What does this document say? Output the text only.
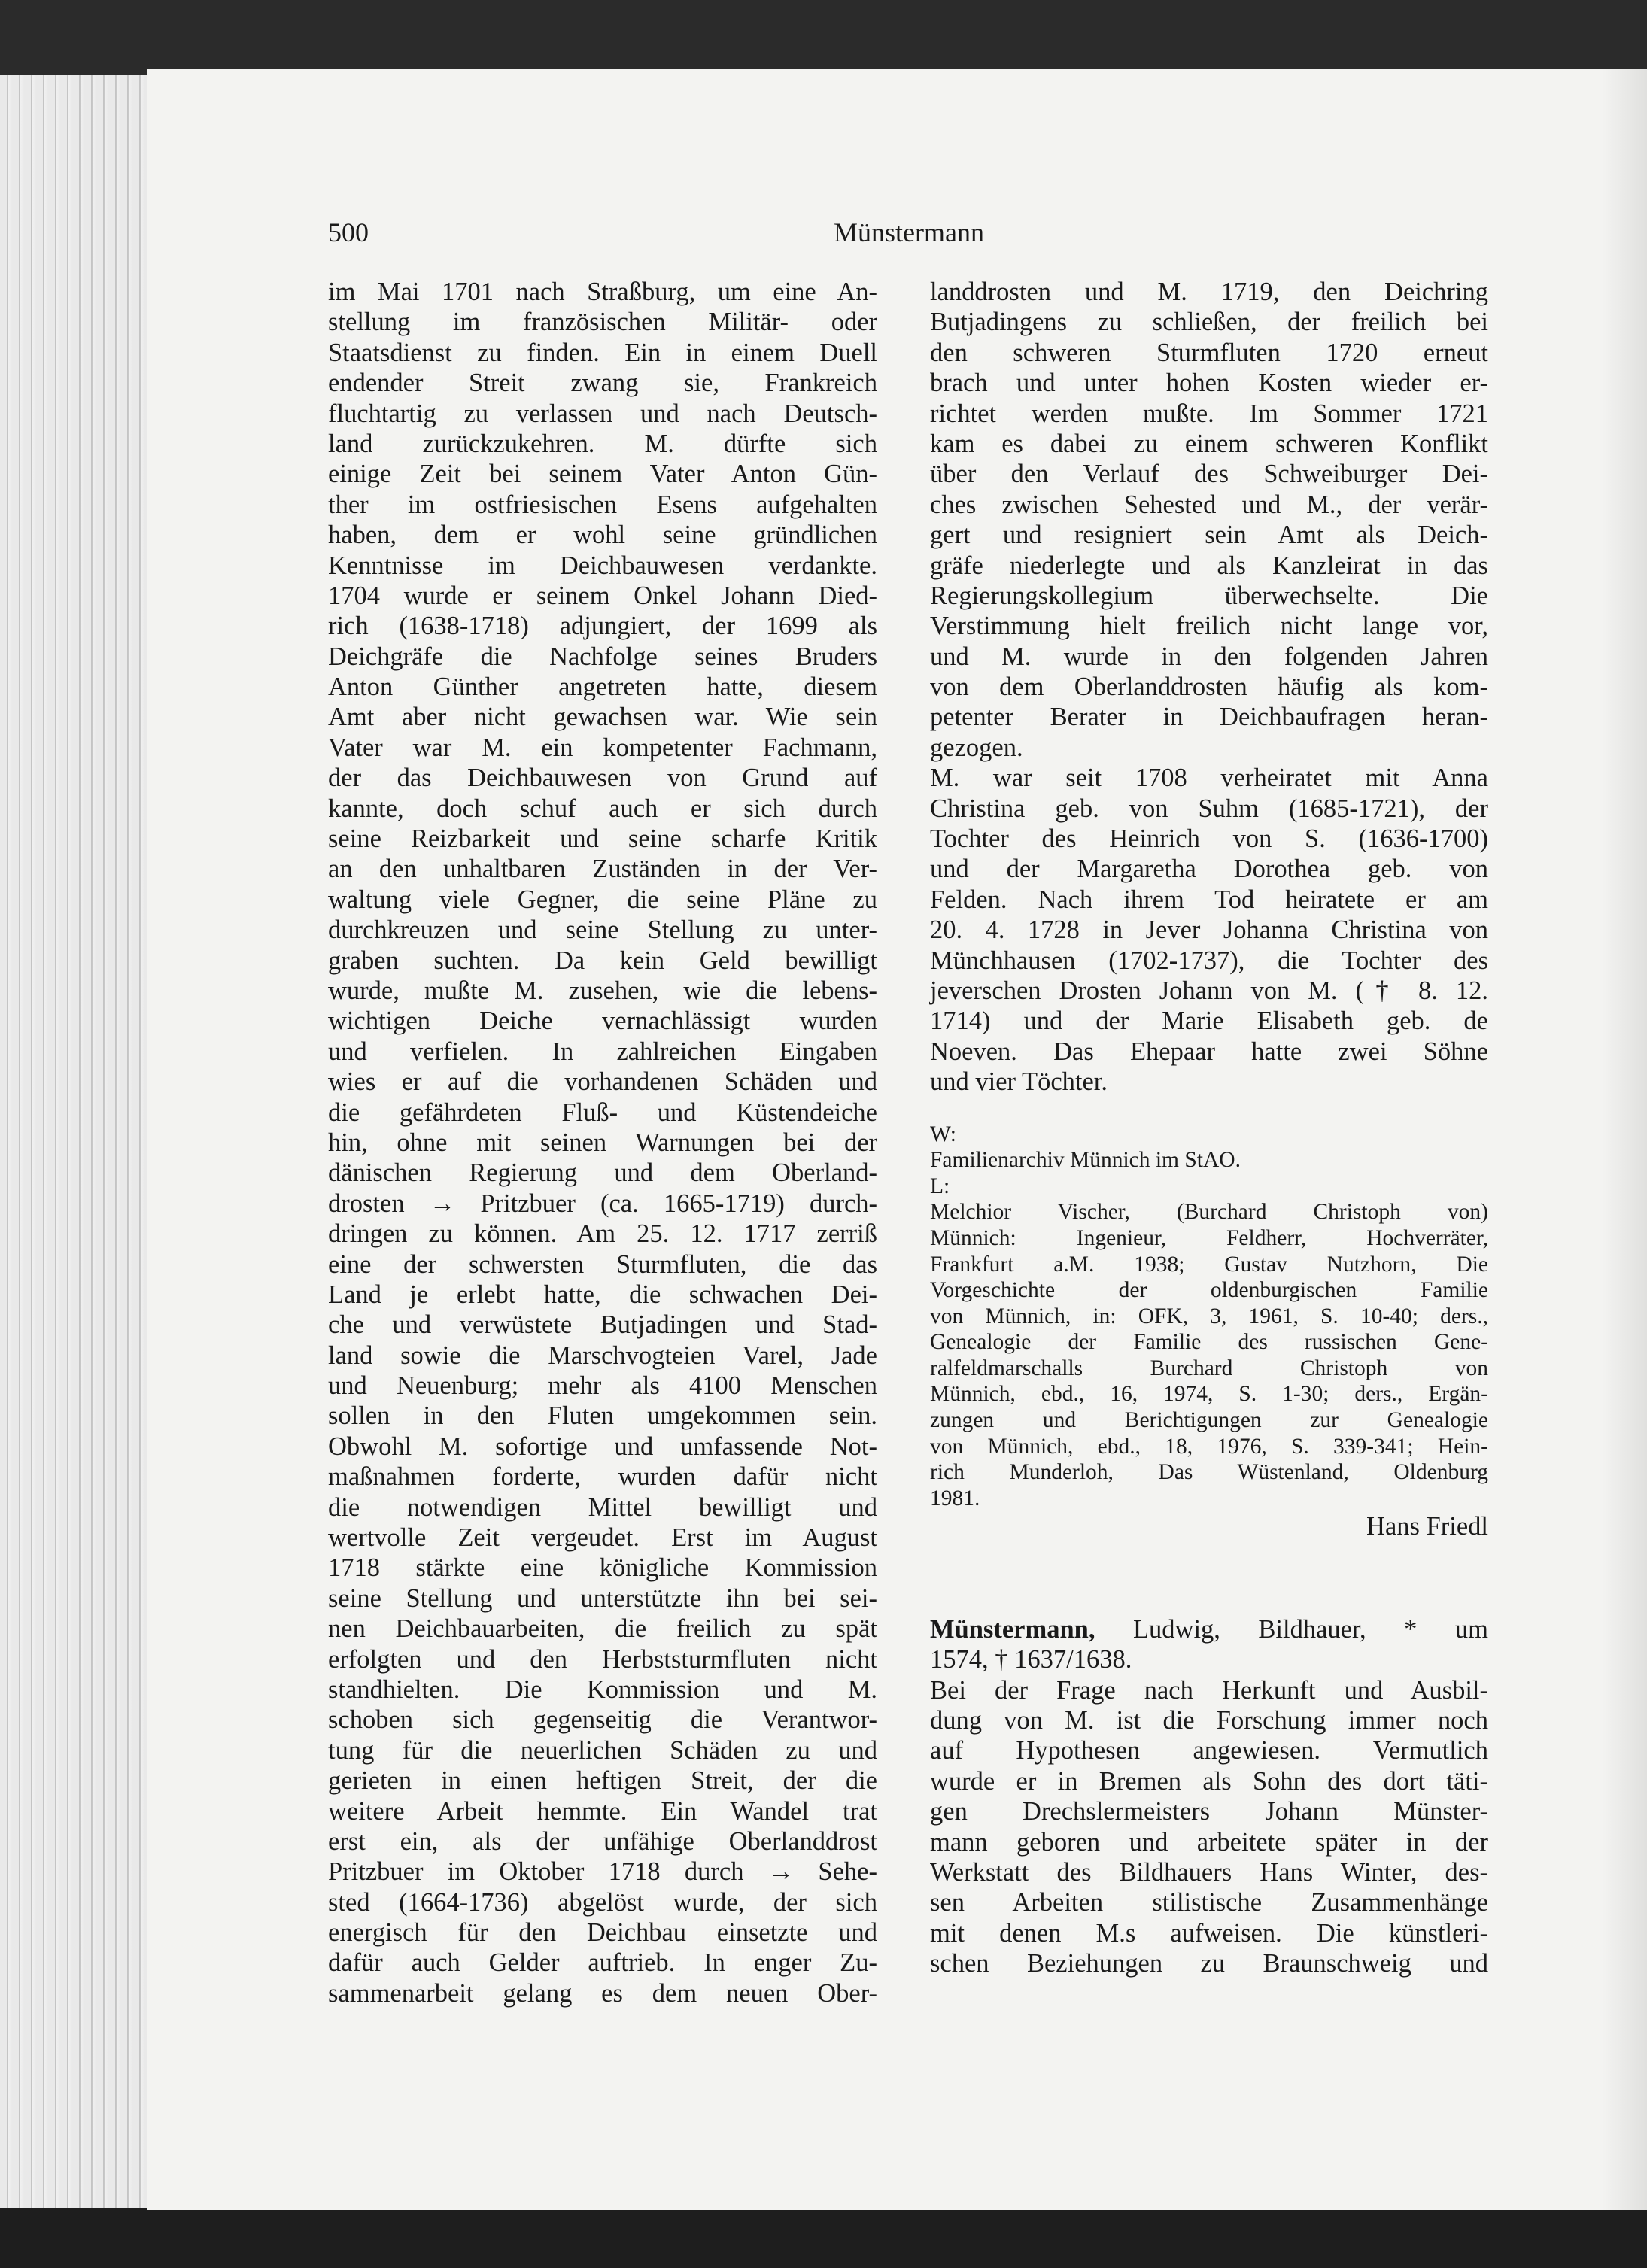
500	Münstermann
im Mai 1701 nach Straßburg, um eine An-
stellung im französischen Militär- oder
Staatsdienst zu finden. Ein in einem Duell
endender Streit zwang sie, Frankreich
fluchtartig zu verlassen und nach Deutsch-
land zurückzukehren. M. dürfte sich
einige Zeit bei seinem Vater Anton Gün-
ther im ostfriesischen Esens aufgehalten
haben, dem er wohl seine gründlichen
Kenntnisse im Deichbauwesen verdankte.
1704 wurde er seinem Onkel Johann Died-
rich (1638-1718) adjungiert, der 1699 als
Deichgräfe die Nachfolge seines Bruders
Anton Günther angetreten hatte, diesem
Amt aber nicht gewachsen war. Wie sein
Vater war M. ein kompetenter Fachmann,
der das Deichbauwesen von Grund auf
kannte, doch schuf auch er sich durch
seine Reizbarkeit und seine scharfe Kritik
an den unhaltbaren Zuständen in der Ver-
waltung viele Gegner, die seine Pläne zu
durchkreuzen und seine Stellung zu unter-
graben suchten. Da kein Geld bewilligt
wurde, mußte M. zusehen, wie die lebens-
wichtigen Deiche vernachlässigt wurden
und verfielen. In zahlreichen Eingaben
wies er auf die vorhandenen Schäden und
die gefährdeten Fluß- und Küstendeiche
hin, ohne mit seinen Warnungen bei der
dänischen Regierung und dem Oberland-
drosten → Pritzbuer (ca. 1665-1719) durch-
dringen zu können. Am 25. 12. 1717 zerriß
eine der schwersten Sturmfluten, die das
Land je erlebt hatte, die schwachen Dei-
che und verwüstete Butjadingen und Stad-
land sowie die Marschvogteien Varel, Jade
und Neuenburg; mehr als 4100 Menschen
sollen in den Fluten umgekommen sein.
Obwohl M. sofortige und umfassende Not-
maßnahmen forderte, wurden dafür nicht
die notwendigen Mittel bewilligt und
wertvolle Zeit vergeudet. Erst im August
1718 stärkte eine königliche Kommission
seine Stellung und unterstützte ihn bei sei-
nen Deichbauarbeiten, die freilich zu spät
erfolgten und den Herbststurmfluten nicht
standhielten. Die Kommission und M.
schoben sich gegenseitig die Verantwor-
tung für die neuerlichen Schäden zu und
gerieten in einen heftigen Streit, der die
weitere Arbeit hemmte. Ein Wandel trat
erst ein, als der unfähige Oberlanddrost
Pritzbuer im Oktober 1718 durch → Sehe-
sted (1664-1736) abgelöst wurde, der sich
energisch für den Deichbau einsetzte und
dafür auch Gelder auftrieb. In enger Zu-
sammenarbeit gelang es dem neuen Ober-
landdrosten und M. 1719, den Deichring
Butjadingens zu schließen, der freilich bei
den schweren Sturmfluten 1720 erneut
brach und unter hohen Kosten wieder er-
richtet werden mußte. Im Sommer 1721
kam es dabei zu einem schweren Konflikt
über den Verlauf des Schweiburger Dei-
ches zwischen Sehested und M., der verär-
gert und resigniert sein Amt als Deich-
gräfe niederlegte und als Kanzleirat in das
Regierungskollegium überwechselte. Die
Verstimmung hielt freilich nicht lange vor,
und M. wurde in den folgenden Jahren
von dem Oberlanddrosten häufig als kom-
petenter Berater in Deichbaufragen heran-
gezogen.
M. war seit 1708 verheiratet mit Anna
Christina geb. von Suhm (1685-1721), der
Tochter des Heinrich von S. (1636-1700)
und der Margaretha Dorothea geb. von
Felden. Nach ihrem Tod heiratete er am
20. 4. 1728 in Jever Johanna Christina von
Münchhausen (1702-1737), die Tochter des
jeverschen Drosten Johann von M. († 8. 12.
1714) und der Marie Elisabeth geb. de
Noeven. Das Ehepaar hatte zwei Söhne
und vier Töchter.
W:
Familienarchiv Münnich im StAO.
L:
Melchior Vischer, (Burchard Christoph von)
Münnich: Ingenieur, Feldherr, Hochverräter,
Frankfurt a.M. 1938; Gustav Nutzhorn, Die
Vorgeschichte der oldenburgischen Familie
von Münnich, in: OFK, 3, 1961, S. 10-40; ders.,
Genealogie der Familie des russischen Gene-
ralfeldmarschalls Burchard Christoph von
Münnich, ebd., 16, 1974, S. 1-30; ders., Ergän-
zungen und Berichtigungen zur Genealogie
von Münnich, ebd., 18, 1976, S. 339-341; Hein-
rich Munderloh, Das Wüstenland, Oldenburg
1981.
Hans Friedl
Münstermann, Ludwig, Bildhauer, * um
1574, † 1637/1638.
Bei der Frage nach Herkunft und Ausbil-
dung von M. ist die Forschung immer noch
auf Hypothesen angewiesen. Vermutlich
wurde er in Bremen als Sohn des dort täti-
gen Drechslermeisters Johann Münster-
mann geboren und arbeitete später in der
Werkstatt des Bildhauers Hans Winter, des-
sen Arbeiten stilistische Zusammenhänge
mit denen M.s aufweisen. Die künstleri-
schen Beziehungen zu Braunschweig und
